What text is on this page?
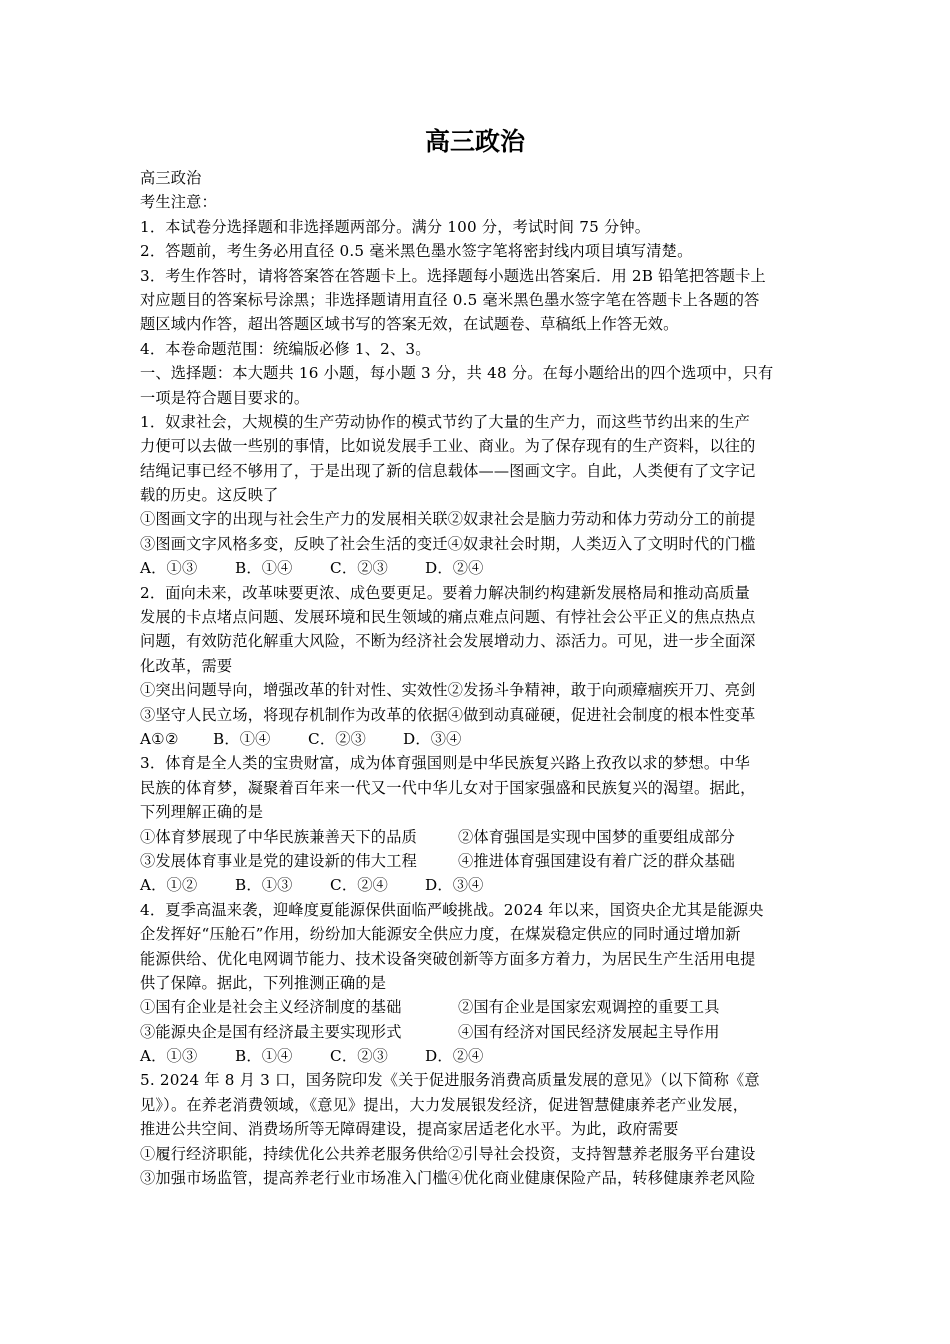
高三政治
高三政治
考生注意：
1．本试卷分选择题和非选择题两部分。满分 100 分，考试时间 75 分钟。
2．答题前，考生务必用直径 0.5 毫米黑色墨水签字笔将密封线内项目填写清楚。
3．考生作答时，请将答案答在答题卡上。选择题每小题选出答案后．用 2B 铅笔把答题卡上
对应题目的答案标号涂黑；非选择题请用直径 0.5 毫米黑色墨水签字笔在答题卡上各题的答
题区域内作答，超出答题区域书写的答案无效，在试题卷、草稿纸上作答无效。
4．本卷命题范围：统编版必修 1、2、3。
一、选择题：本大题共 16 小题，每小题 3 分，共 48 分。在每小题给出的四个选项中，只有
一项是符合题目要求的。
1．奴隶社会，大规模的生产劳动协作的模式节约了大量的生产力，而这些节约出来的生产
力便可以去做一些别的事情，比如说发展手工业、商业。为了保存现有的生产资料，以往的
结绳记事已经不够用了，于是出现了新的信息载体——图画文字。自此，人类便有了文字记
载的历史。这反映了
①图画文字的出现与社会生产力的发展相关联②奴隶社会是脑力劳动和体力劳动分工的前提
③图画文字风格多变，反映了社会生活的变迁④奴隶社会时期，人类迈入了文明时代的门槛
A．①③ B．①④ C．②③ D．②④
2．面向未来，改革味要更浓、成色要更足。要着力解决制约构建新发展格局和推动高质量
发展的卡点堵点问题、发展环境和民生领域的痛点难点问题、有悖社会公平正义的焦点热点
问题，有效防范化解重大风险，不断为经济社会发展增动力、添活力。可见，进一步全面深
化改革，需要
①突出问题导向，增强改革的针对性、实效性②发扬斗争精神，敢于向顽瘴痼疾开刀、亮剑
③坚守人民立场，将现存机制作为改革的依据④做到动真碰硬，促进社会制度的根本性变革
A①② B．①④ C．②③ D．③④
3．体育是全人类的宝贵财富，成为体育强国则是中华民族复兴路上孜孜以求的梦想。中华
民族的体育梦，凝聚着百年来一代又一代中华儿女对于国家强盛和民族复兴的渴望。据此，
下列理解正确的是
①体育梦展现了中华民族兼善天下的品质	②体育强国是实现中国梦的重要组成部分
③发展体育事业是党的建设新的伟大工程	④推进体育强国建设有着广泛的群众基础
A．①② B．①③ C．②④ D．③④
4．夏季高温来袭，迎峰度夏能源保供面临严峻挑战。2024 年以来，国资央企尤其是能源央
企发挥好“压舱石”作用，纷纷加大能源安全供应力度，在煤炭稳定供应的同时通过增加新
能源供给、优化电网调节能力、技术设备突破创新等方面多方着力，为居民生产生活用电提
供了保障。据此，下列推测正确的是
①国有企业是社会主义经济制度的基础	②国有企业是国家宏观调控的重要工具
③能源央企是国有经济最主要实现形式	④国有经济对国民经济发展起主导作用
A．①③ B．①④ C．②③ D．②④
5. 2024 年 8 月 3 口，国务院印发《关于促进服务消费高质量发展的意见》（以下简称《意
见》）。在养老消费领域，《意见》提出，大力发展银发经济，促进智慧健康养老产业发展，
推进公共空间、消费场所等无障碍建设，提高家居适老化水平。为此，政府需要
①履行经济职能，持续优化公共养老服务供给②引导社会投资，支持智慧养老服务平台建设
③加强市场监管，提高养老行业市场准入门槛④优化商业健康保险产品，转移健康养老风险
